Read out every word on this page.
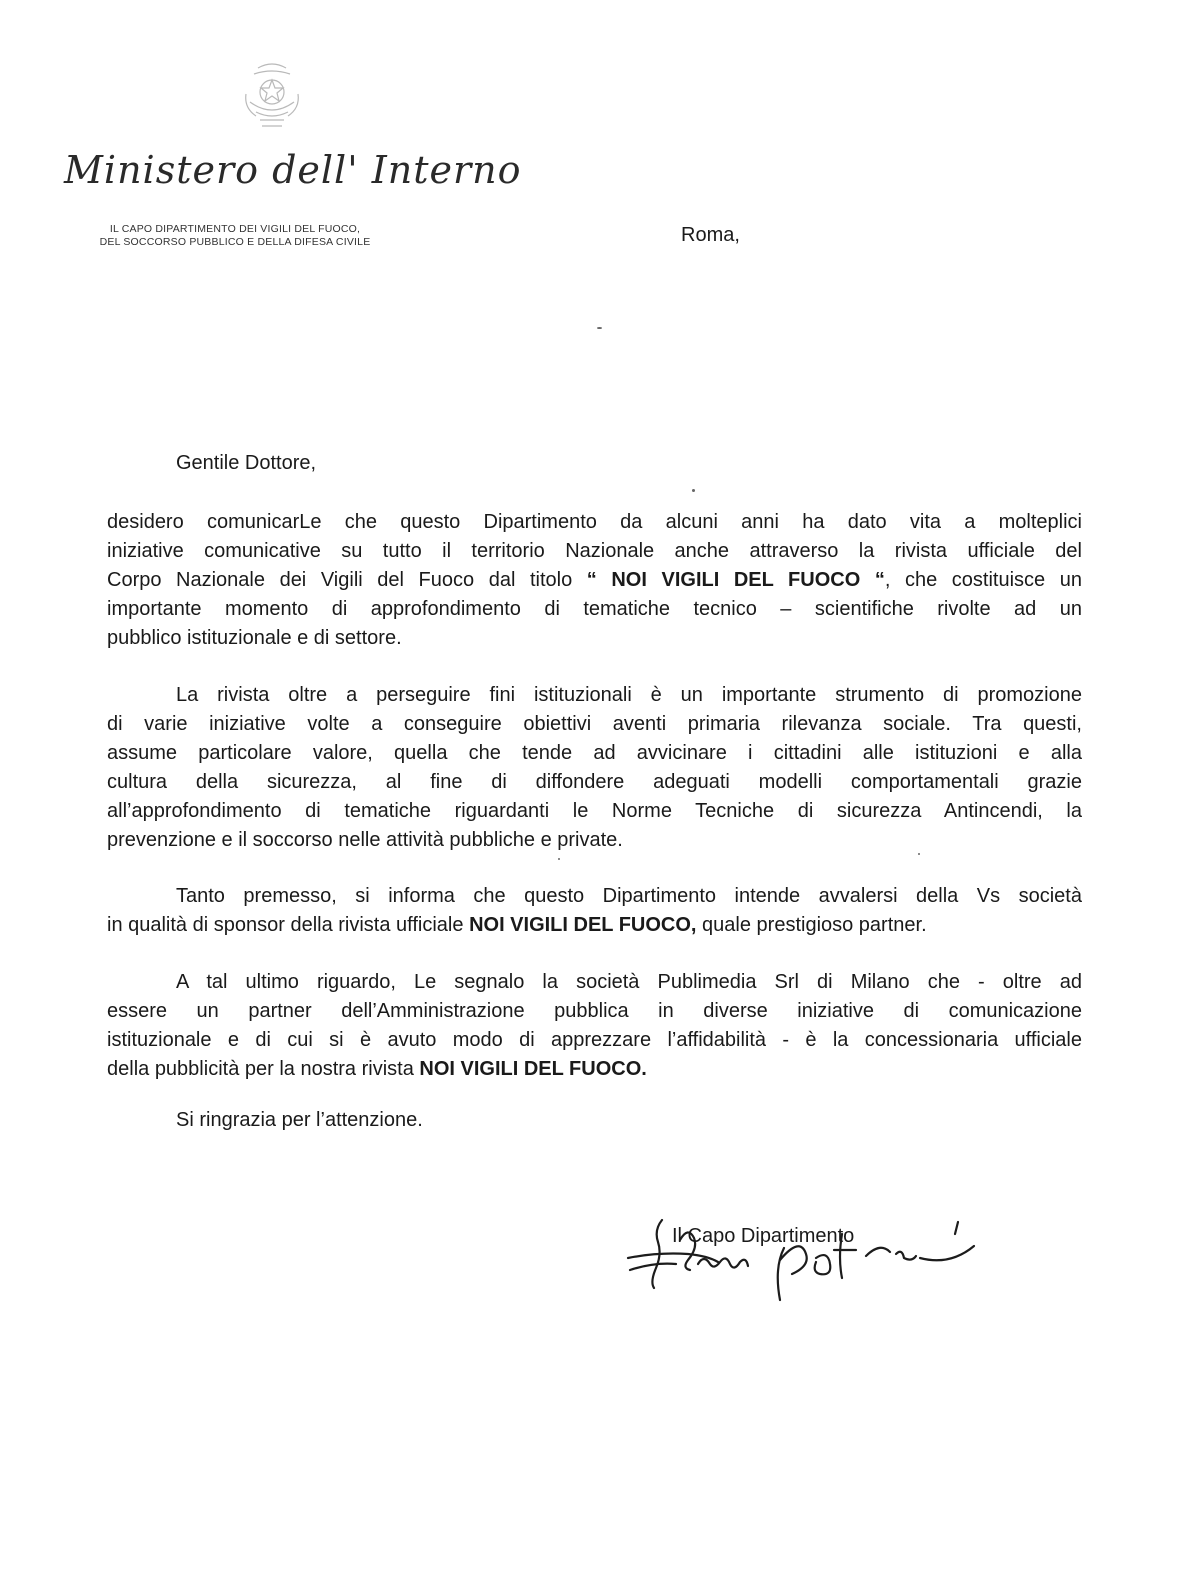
Ministero dell' Interno
IL CAPO DIPARTIMENTO DEI VIGILI DEL FUOCO,
DEL SOCCORSO PUBBLICO E DELLA DIFESA CIVILE	Roma,
Gentile Dottore,
desidero comunicarLe che questo Dipartimento da alcuni anni ha dato vita a molteplici
iniziative comunicative su tutto il territorio Nazionale anche attraverso la rivista ufficiale del
Corpo Nazionale dei Vigili del Fuoco dal titolo “ NOI VIGILI DEL FUOCO “, che costituisce un
importante momento di approfondimento di tematiche tecnico – scientifiche rivolte ad un
pubblico istituzionale e di settore.
La rivista oltre a perseguire fini istituzionali è un importante strumento di promozione
di varie iniziative volte a conseguire obiettivi aventi primaria rilevanza sociale. Tra questi,
assume particolare valore, quella che tende ad avvicinare i cittadini alle istituzioni e alla
cultura della sicurezza, al fine di diffondere adeguati modelli comportamentali grazie
all’approfondimento di tematiche riguardanti le Norme Tecniche di sicurezza Antincendi, la
prevenzione e il soccorso nelle attività pubbliche e private.
Tanto premesso, si informa che questo Dipartimento intende avvalersi della Vs società
in qualità di sponsor della rivista ufficiale NOI VIGILI DEL FUOCO, quale prestigioso partner.
A tal ultimo riguardo, Le segnalo la società Publimedia Srl di Milano che - oltre ad
essere un partner dell’Amministrazione pubblica in diverse iniziative di comunicazione
istituzionale e di cui si è avuto modo di apprezzare l’affidabilità - è la concessionaria ufficiale
della pubblicità per la nostra rivista NOI VIGILI DEL FUOCO.
Si ringrazia per l’attenzione.
Il Capo Dipartimento
